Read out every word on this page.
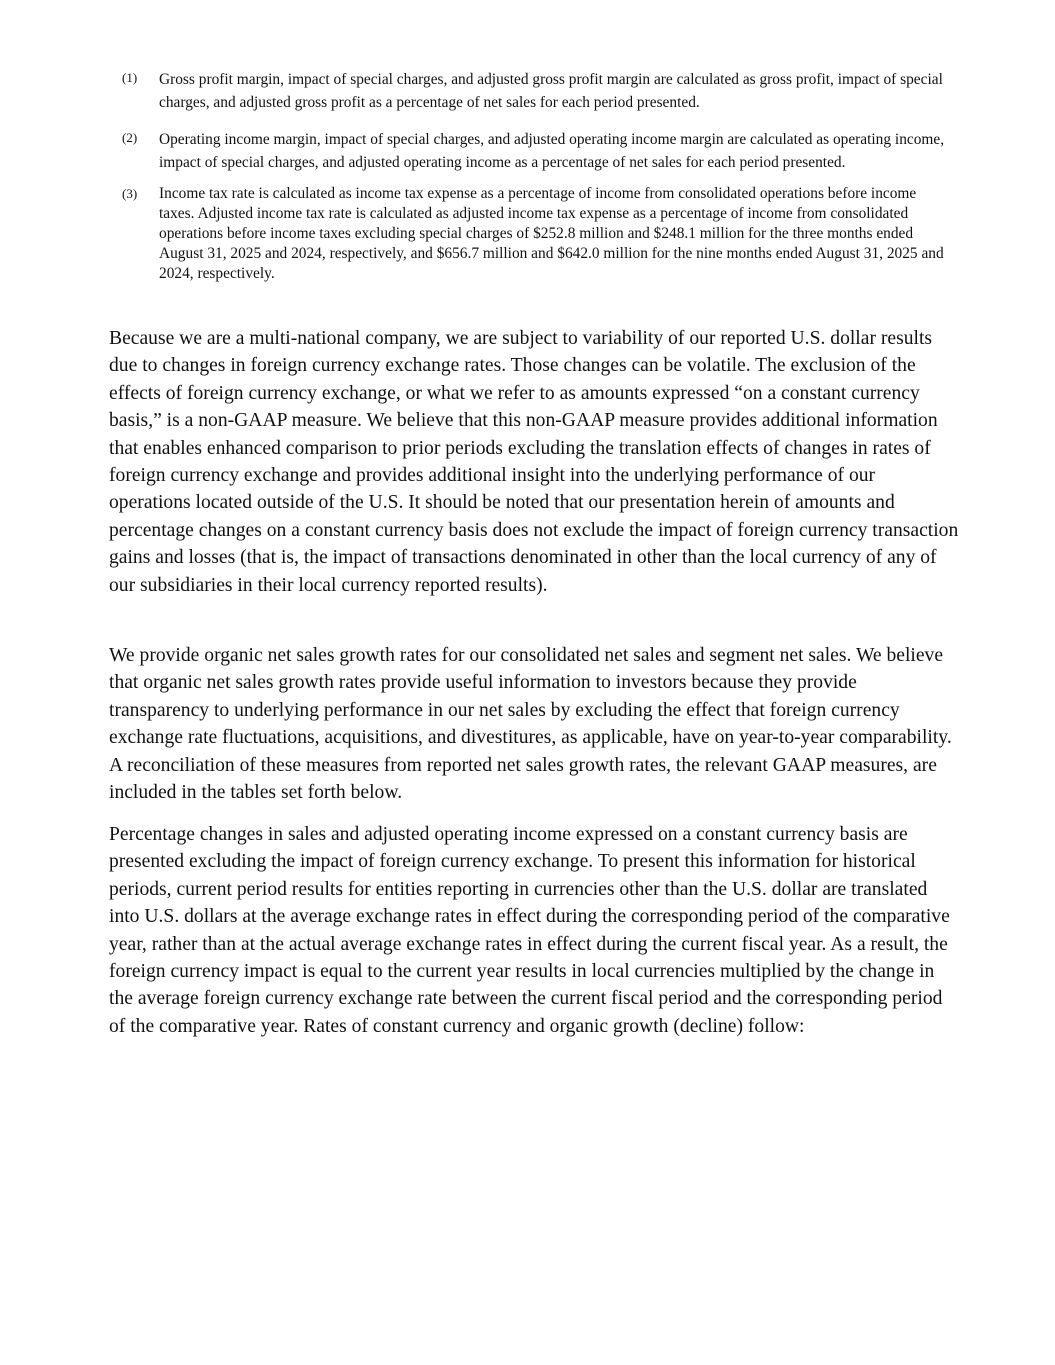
(1)	Gross profit margin, impact of special charges, and adjusted gross profit margin are calculated as gross profit, impact of special charges, and adjusted gross profit as a percentage of net sales for each period presented.
(2)	Operating income margin, impact of special charges, and adjusted operating income margin are calculated as operating income, impact of special charges, and adjusted operating income as a percentage of net sales for each period presented.
(3)	Income tax rate is calculated as income tax expense as a percentage of income from consolidated operations before income taxes. Adjusted income tax rate is calculated as adjusted income tax expense as a percentage of income from consolidated operations before income taxes excluding special charges of $252.8 million and $248.1 million for the three months ended August 31, 2025 and 2024, respectively, and $656.7 million and $642.0 million for the nine months ended August 31, 2025 and 2024, respectively.

Because we are a multi-national company, we are subject to variability of our reported U.S. dollar results due to changes in foreign currency exchange rates. Those changes can be volatile. The exclusion of the effects of foreign currency exchange, or what we refer to as amounts expressed “on a constant currency basis,” is a non-GAAP measure. We believe that this non-GAAP measure provides additional information that enables enhanced comparison to prior periods excluding the translation effects of changes in rates of foreign currency exchange and provides additional insight into the underlying performance of our operations located outside of the U.S. It should be noted that our presentation herein of amounts and percentage changes on a constant currency basis does not exclude the impact of foreign currency transaction gains and losses (that is, the impact of transactions denominated in other than the local currency of any of our subsidiaries in their local currency reported results).

We provide organic net sales growth rates for our consolidated net sales and segment net sales. We believe that organic net sales growth rates provide useful information to investors because they provide transparency to underlying performance in our net sales by excluding the effect that foreign currency exchange rate fluctuations, acquisitions, and divestitures, as applicable, have on year-to-year comparability. A reconciliation of these measures from reported net sales growth rates, the relevant GAAP measures, are included in the tables set forth below.

Percentage changes in sales and adjusted operating income expressed on a constant currency basis are presented excluding the impact of foreign currency exchange. To present this information for historical periods, current period results for entities reporting in currencies other than the U.S. dollar are translated into U.S. dollars at the average exchange rates in effect during the corresponding period of the comparative year, rather than at the actual average exchange rates in effect during the current fiscal year. As a result, the foreign currency impact is equal to the current year results in local currencies multiplied by the change in the average foreign currency exchange rate between the current fiscal period and the corresponding period of the comparative year. Rates of constant currency and organic growth (decline) follow:
